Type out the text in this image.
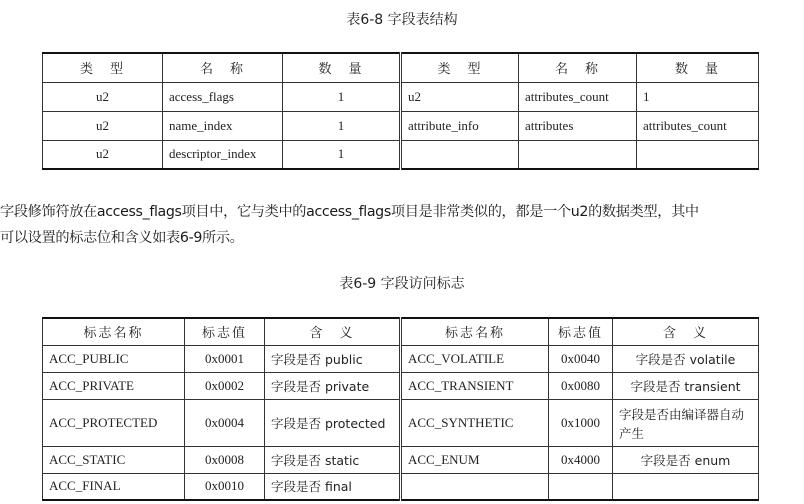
表6-8 字段表结构
类　型	名　称	数　量	类　型	名　称	数　量
u2	access_flags	1	u2	attributes_count	1
u2	name_index	1	attribute_info	attributes	attributes_count
u2	descriptor_index	1			
字段修饰符放在access_flags项目中，它与类中的access_flags项目是非常类似的，都是一个u2的数据类型，其中
可以设置的标志位和含义如表6-9所示。
表6-9 字段访问标志
标志名称	标志值	含　义	标志名称	标志值	含　义
ACC_PUBLIC	0x0001	字段是否 public	ACC_VOLATILE	0x0040	字段是否 volatile
ACC_PRIVATE	0x0002	字段是否 private	ACC_TRANSIENT	0x0080	字段是否 transient
ACC_PROTECTED	0x0004	字段是否 protected	ACC_SYNTHETIC	0x1000	字段是否由编译器自动产生
ACC_STATIC	0x0008	字段是否 static	ACC_ENUM	0x4000	字段是否 enum
ACC_FINAL	0x0010	字段是否 final			
